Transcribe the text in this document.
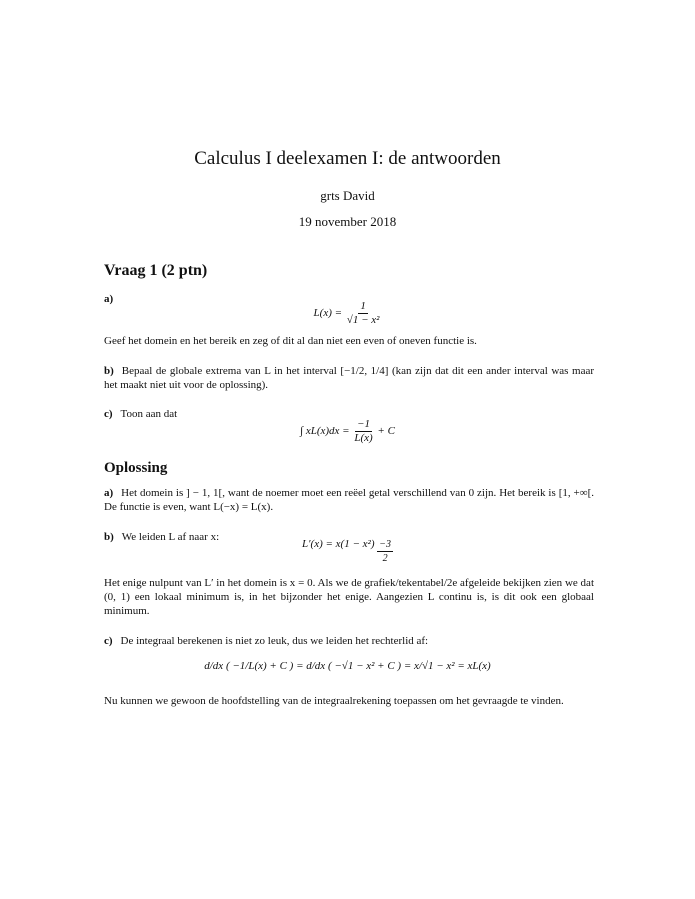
Calculus I deelexamen I: de antwoorden
grts David
19 november 2018
Vraag 1 (2 ptn)
a)
$L(x) = \frac{1}{\text{√1 − x²}}$
Geef het domein en het bereik en zeg of dit al dan niet een even of oneven functie is.
b) Bepaal de globale extrema van L in het interval [−1/2, 1/4] (kan zijn dat dit een ander interval was maar het maakt niet uit voor de oplossing).
c) Toon aan dat
∫ $xL(x)dx = \frac{-1}{L(x)} + C$
Oplossing
a) Het domein is ] − 1, 1[, want de noemer moet een reëel getal verschillend van 0 zijn. Het bereik is [1, +∞[. De functie is even, want L(−x) = L(x).
b) We leiden L af naar x:
$L'(x) = x(1 - x^2) \frac{-3}{2}$
Het enige nulpunt van L′ in het domein is x = 0. Als we de grafiek/tekentabel/2e afgeleide bekijken zien we dat (0, 1) een lokaal minimum is, in het bijzonder het enige. Aangezien L continu is, is dit ook een globaal minimum.
c) De integraal berekenen is niet zo leuk, dus we leiden het rechterlid af:
d/dx ( −1/L(x) + C ) = d/dx ( −√1 − x² + C ) = x/√1 − x² = xL(x)
Nu kunnen we gewoon de hoofdstelling van de integraalrekening toepassen om het gevraagde te vinden.
